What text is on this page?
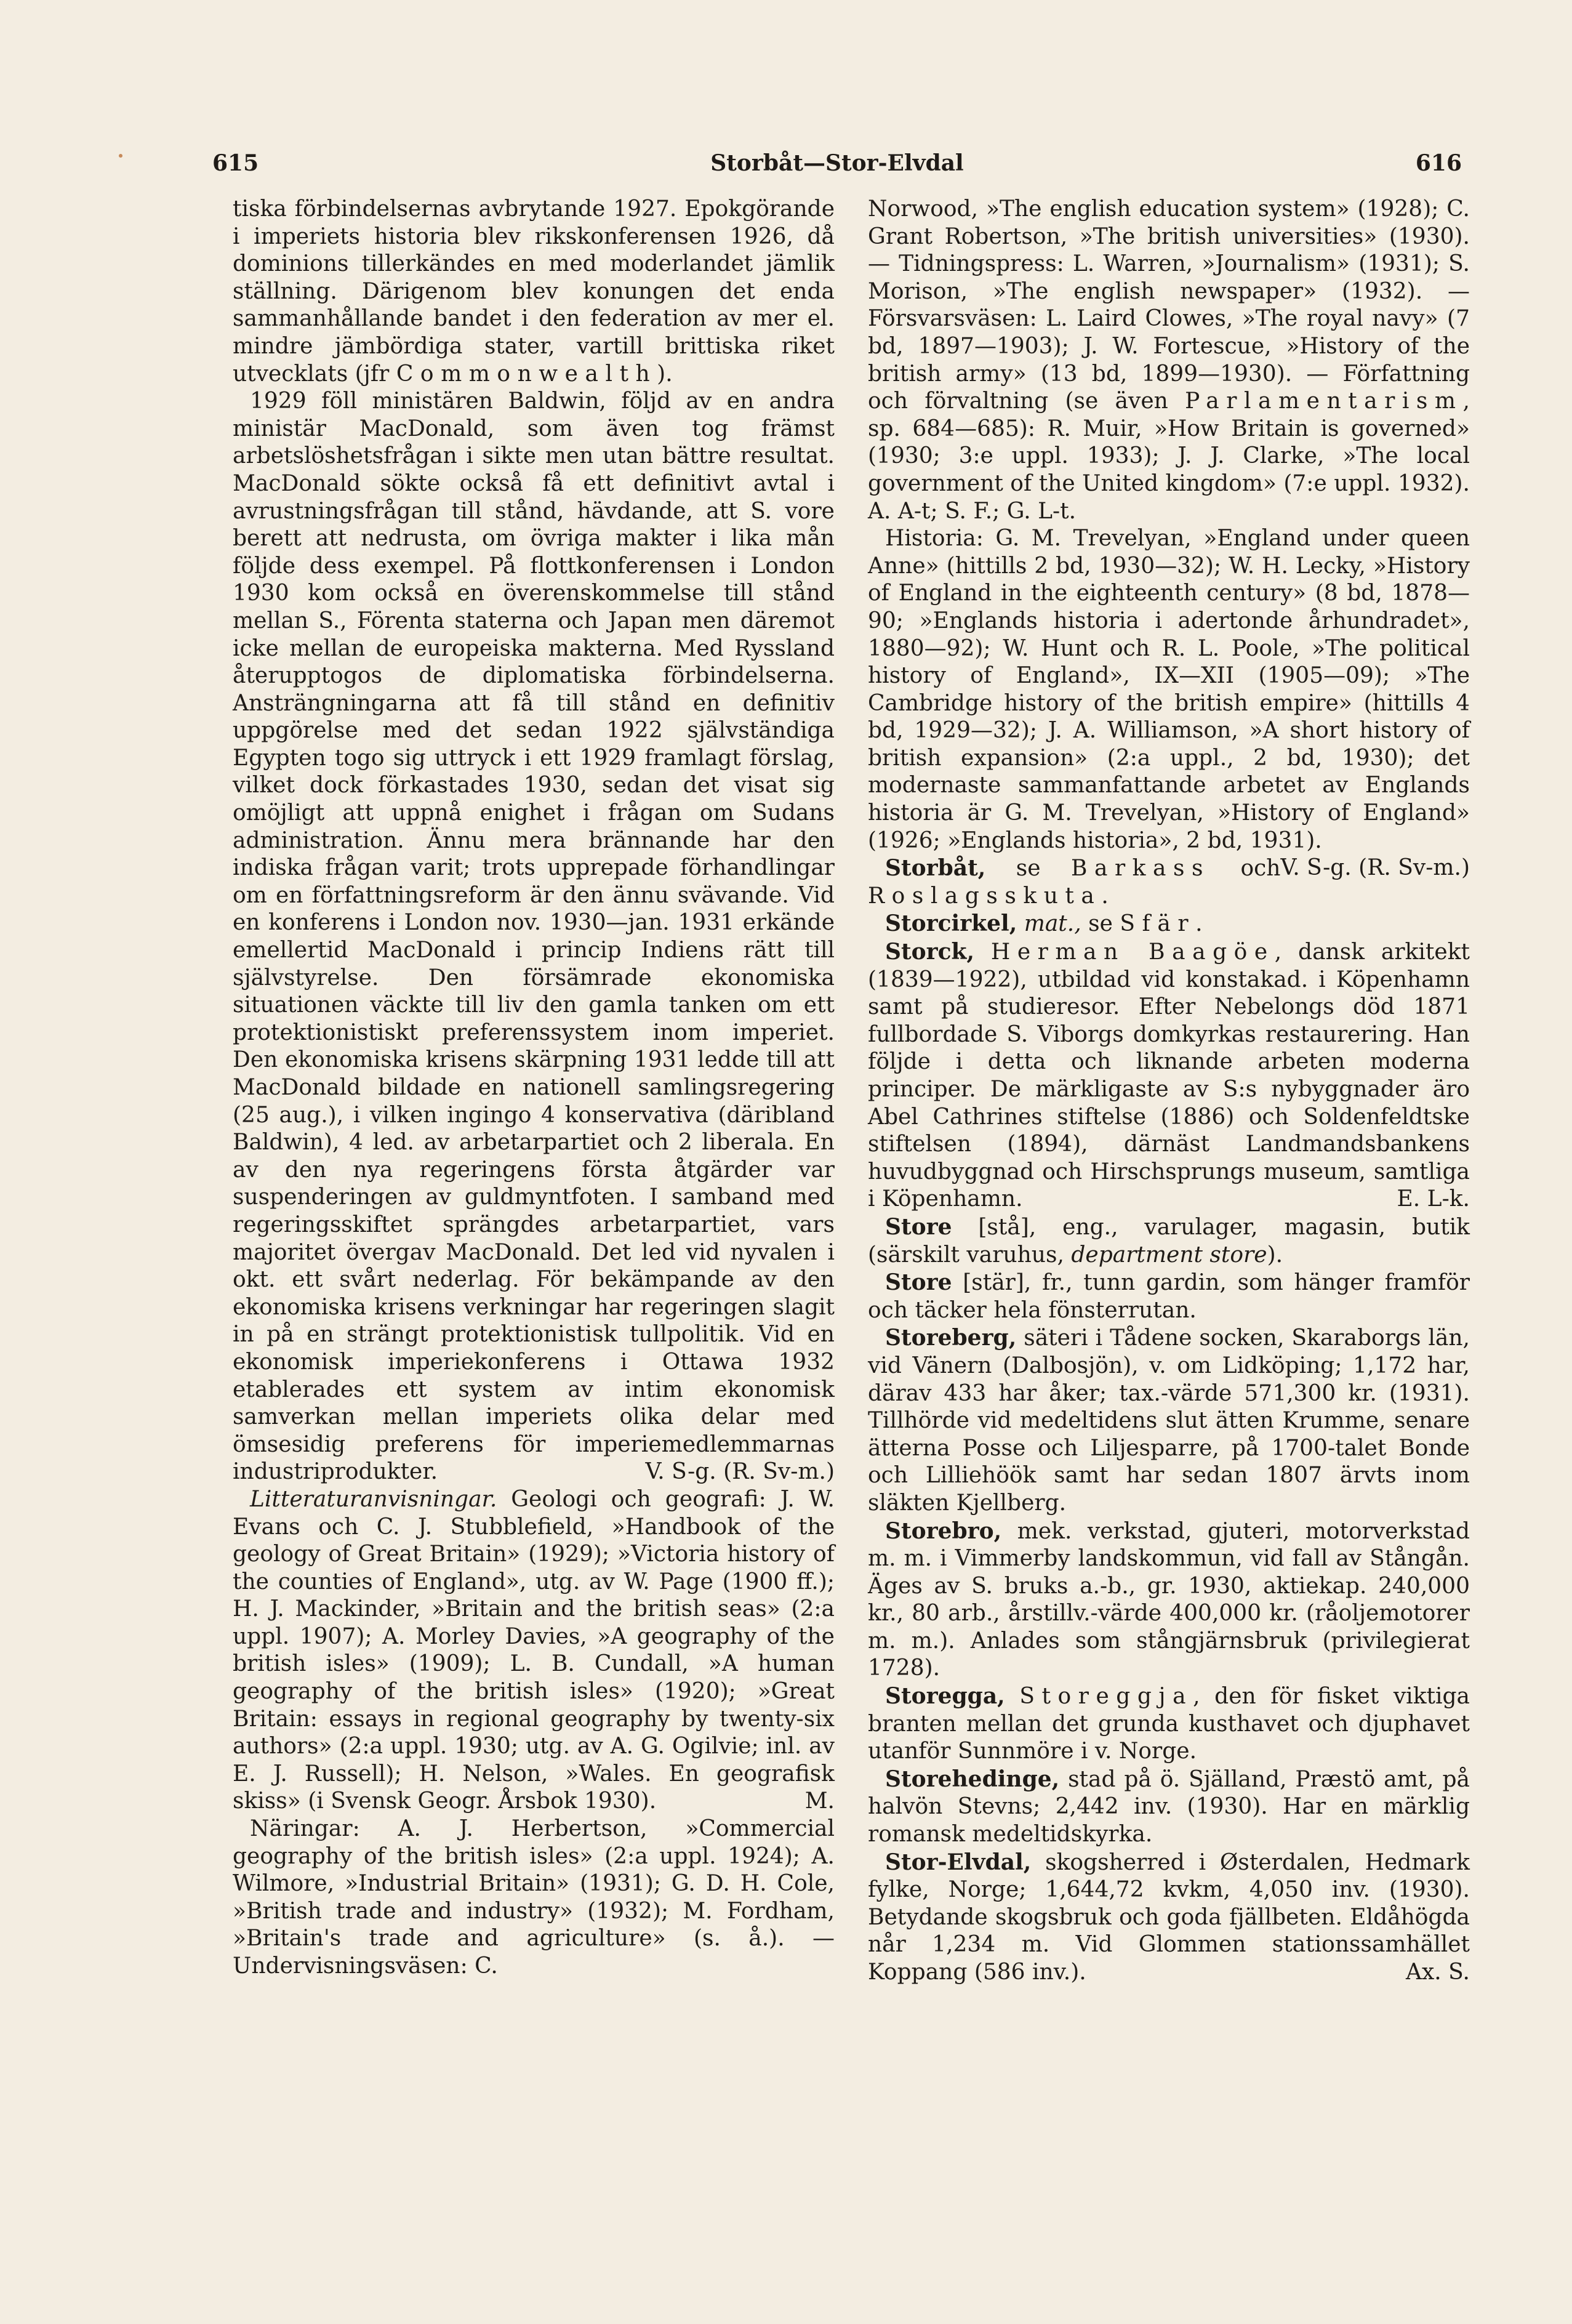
615	Storbåt—Stor-Elvdal	616

tiska förbindelsernas avbrytande 1927. Epokgörande i imperiets historia blev rikskonferensen 1926, då dominions tillerkändes en med moderlandet jämlik ställning. Därigenom blev konungen det enda sammanhållande bandet i den federation av mer el. mindre jämbördiga stater, vartill brittiska riket utvecklats (jfr Commonwealth).

1929 föll ministären Baldwin, följd av en andra ministär MacDonald, som även tog främst arbetslöshetsfrågan i sikte men utan bättre resultat. MacDonald sökte också få ett definitivt avtal i avrustningsfrågan till stånd, hävdande, att S. vore berett att nedrusta, om övriga makter i lika mån följde dess exempel. På flottkonferensen i London 1930 kom också en överenskommelse till stånd mellan S., Förenta staterna och Japan men däremot icke mellan de europeiska makterna. Med Ryssland återupptogos de diplomatiska förbindelserna. Ansträngningarna att få till stånd en definitiv uppgörelse med det sedan 1922 självständiga Egypten togo sig uttryck i ett 1929 framlagt förslag, vilket dock förkastades 1930, sedan det visat sig omöjligt att uppnå enighet i frågan om Sudans administration. Ännu mera brännande har den indiska frågan varit; trots upprepade förhandlingar om en författningsreform är den ännu svävande. Vid en konferens i London nov. 1930—jan. 1931 erkände emellertid MacDonald i princip Indiens rätt till självstyrelse. Den försämrade ekonomiska situationen väckte till liv den gamla tanken om ett protektionistiskt preferenssystem inom imperiet. Den ekonomiska krisens skärpning 1931 ledde till att MacDonald bildade en nationell samlingsregering (25 aug.), i vilken ingingo 4 konservativa (däribland Baldwin), 4 led. av arbetarpartiet och 2 liberala. En av den nya regeringens första åtgärder var suspenderingen av guldmyntfoten. I samband med regeringsskiftet sprängdes arbetarpartiet, vars majoritet övergav MacDonald. Det led vid nyvalen i okt. ett svårt nederlag. För bekämpande av den ekonomiska krisens verkningar har regeringen slagit in på en strängt protektionistisk tullpolitik. Vid en ekonomisk imperiekonferens i Ottawa 1932 etablerades ett system av intim ekonomisk samverkan mellan imperiets olika delar med ömsesidig preferens för imperiemedlemmarnas industriprodukter.	V. S-g. (R. Sv-m.)

Litteraturanvisningar. Geologi och geografi: J. W. Evans och C. J. Stubblefield, »Handbook of the geology of Great Britain» (1929); »Victoria history of the counties of England», utg. av W. Page (1900 ff.); H. J. Mackinder, »Britain and the british seas» (2:a uppl. 1907); A. Morley Davies, »A geography of the british isles» (1909); L. B. Cundall, »A human geography of the british isles» (1920); »Great Britain: essays in regional geography by twenty-six authors» (2:a uppl. 1930; utg. av A. G. Ogilvie; inl. av E. J. Russell); H. Nelson, »Wales. En geografisk skiss» (i Svensk Geogr. Årsbok 1930).	M.

Näringar: A. J. Herbertson, »Commercial geography of the british isles» (2:a uppl. 1924); A. Wilmore, »Industrial Britain» (1931); G. D. H. Cole, »British trade and industry» (1932); M. Fordham, »Britain's trade and agriculture» (s. å.). — Undervisningsväsen: C.

Norwood, »The english education system» (1928); C. Grant Robertson, »The british universities» (1930). — Tidningspress: L. Warren, »Journalism» (1931); S. Morison, »The english newspaper» (1932). — Försvarsväsen: L. Laird Clowes, »The royal navy» (7 bd, 1897—1903); J. W. Fortescue, »History of the british army» (13 bd, 1899—1930). — Författning och förvaltning (se även Parlamentarism, sp. 684—685): R. Muir, »How Britain is governed» (1930; 3:e uppl. 1933); J. J. Clarke, »The local government of the United kingdom» (7:e uppl. 1932). A. A-t; S. F.; G. L-t.

Historia: G. M. Trevelyan, »England under queen Anne» (hittills 2 bd, 1930—32); W. H. Lecky, »History of England in the eighteenth century» (8 bd, 1878—90; »Englands historia i adertonde århundradet», 1880—92); W. Hunt och R. L. Poole, »The political history of England», IX—XII (1905—09); »The Cambridge history of the british empire» (hittills 4 bd, 1929—32); J. A. Williamson, »A short history of british expansion» (2:a uppl., 2 bd, 1930); det modernaste sammanfattande arbetet av Englands historia är G. M. Trevelyan, »History of England» (1926; »Englands historia», 2 bd, 1931).
V. S-g. (R. Sv-m.)

Storbåt, se Barkass och Roslagsskuta.

Storcirkel, mat., se Sfär.

Storck, Herman Baagöe, dansk arkitekt (1839—1922), utbildad vid konstakad. i Köpenhamn samt på studieresor. Efter Nebelongs död 1871 fullbordade S. Viborgs domkyrkas restaurering. Han följde i detta och liknande arbeten moderna principer. De märkligaste av S:s nybyggnader äro Abel Cathrines stiftelse (1886) och Soldenfeldtske stiftelsen (1894), därnäst Landmandsbankens huvudbyggnad och Hirschsprungs museum, samtliga i Köpenhamn.	E. L-k.

Store [stå], eng., varulager, magasin, butik (särskilt varuhus, department store).

Store [stär], fr., tunn gardin, som hänger framför och täcker hela fönsterrutan.

Storeberg, säteri i Tådene socken, Skaraborgs län, vid Vänern (Dalbosjön), v. om Lidköping; 1,172 har, därav 433 har åker; tax.-värde 571,300 kr. (1931). Tillhörde vid medeltidens slut ätten Krumme, senare ätterna Posse och Liljesparre, på 1700-talet Bonde och Lilliehöök samt har sedan 1807 ärvts inom släkten Kjellberg.

Storebro, mek. verkstad, gjuteri, motorverkstad m. m. i Vimmerby landskommun, vid fall av Stångån. Äges av S. bruks a.-b., gr. 1930, aktiekap. 240,000 kr., 80 arb., årstillv.-värde 400,000 kr. (råoljemotorer m. m.). Anlades som stångjärnsbruk (privilegierat 1728).

Storegga, Storeggja, den för fisket viktiga branten mellan det grunda kusthavet och djuphavet utanför Sunnmöre i v. Norge.

Storehedinge, stad på ö. Själland, Præstö amt, på halvön Stevns; 2,442 inv. (1930). Har en märklig romansk medeltidskyrka.

Stor-Elvdal, skogsherred i Østerdalen, Hedmark fylke, Norge; 1,644,72 kvkm, 4,050 inv. (1930). Betydande skogsbruk och goda fjällbeten. Eldåhögda når 1,234 m. Vid Glommen stationssamhället Koppang (586 inv.).	Ax. S.
